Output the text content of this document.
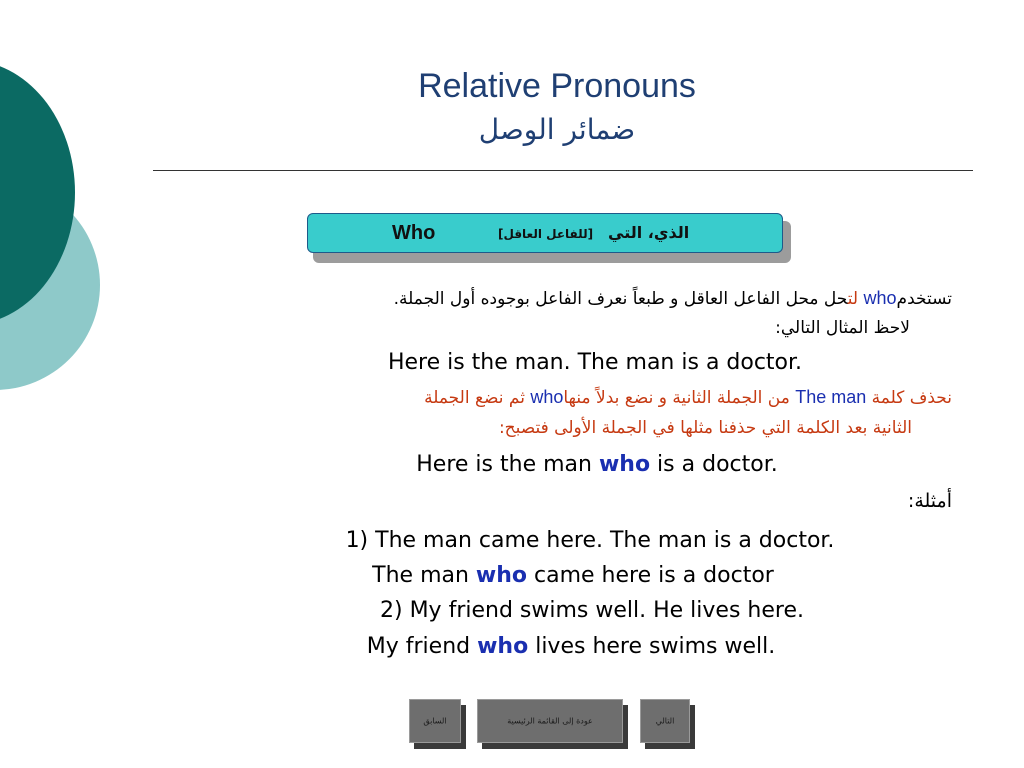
Relative Pronouns
ضمائر الوصل
Who	[للفاعل العاقل] الذي، التي
تستخدمwho لتحل محل الفاعل العاقل و طبعاً نعرف الفاعل بوجوده أول الجملة.
لاحظ المثال التالي:
Here is the man. The man is a doctor.
نحذف كلمة The man من الجملة الثانية و نضع بدلاً منهاwho ثم نضع الجملة
الثانية بعد الكلمة التي حذفنا مثلها في الجملة الأولى فتصبح:
Here is the man who is a doctor.
أمثلة:
1) The man came here. The man is a doctor.
The man who came here is a doctor
2) My friend swims well. He lives here.
My friend who lives here swims well.
السابق	عودة إلى القائمة الرئيسية	التالي
